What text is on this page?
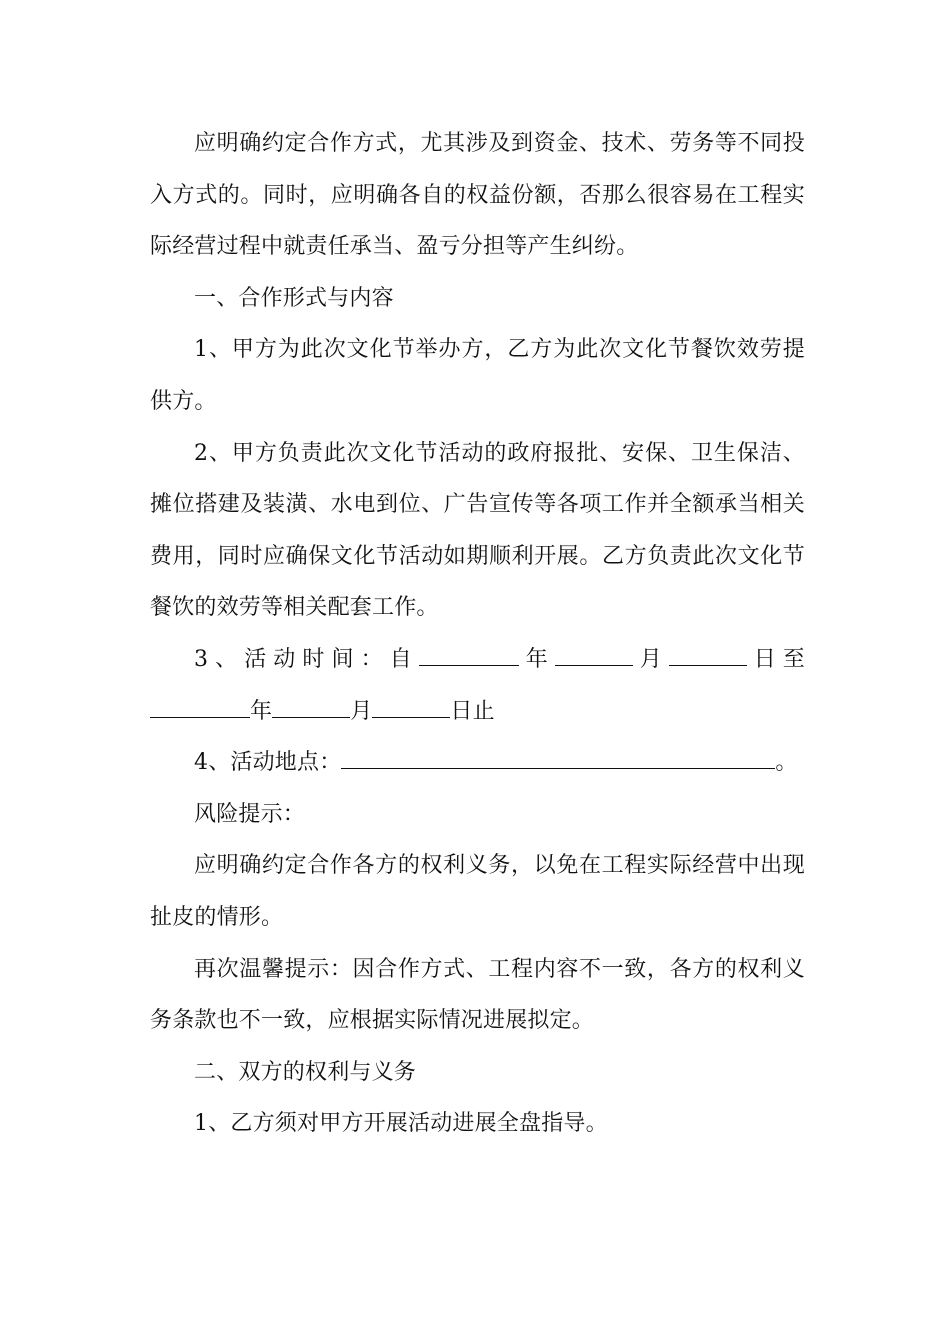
应明确约定合作方式，尤其涉及到资金、技术、劳务等不同投入方式的。同时，应明确各自的权益份额，否那么很容易在工程实际经营过程中就责任承当、盈亏分担等产生纠纷。

一、合作形式与内容

1、甲方为此次文化节举办方，乙方为此次文化节餐饮效劳提供方。

2、甲方负责此次文化节活动的政府报批、安保、卫生保洁、摊位搭建及装潢、水电到位、广告宣传等各项工作并全额承当相关费用，同时应确保文化节活动如期顺利开展。乙方负责此次文化节餐饮的效劳等相关配套工作。

3、活动时间：自	年	月	日至年	月	日止

4、活动地点：	。

风险提示：

应明确约定合作各方的权利义务，以免在工程实际经营中出现扯皮的情形。

再次温馨提示：因合作方式、工程内容不一致，各方的权利义务条款也不一致，应根据实际情况进展拟定。

二、双方的权利与义务

1、乙方须对甲方开展活动进展全盘指导。
